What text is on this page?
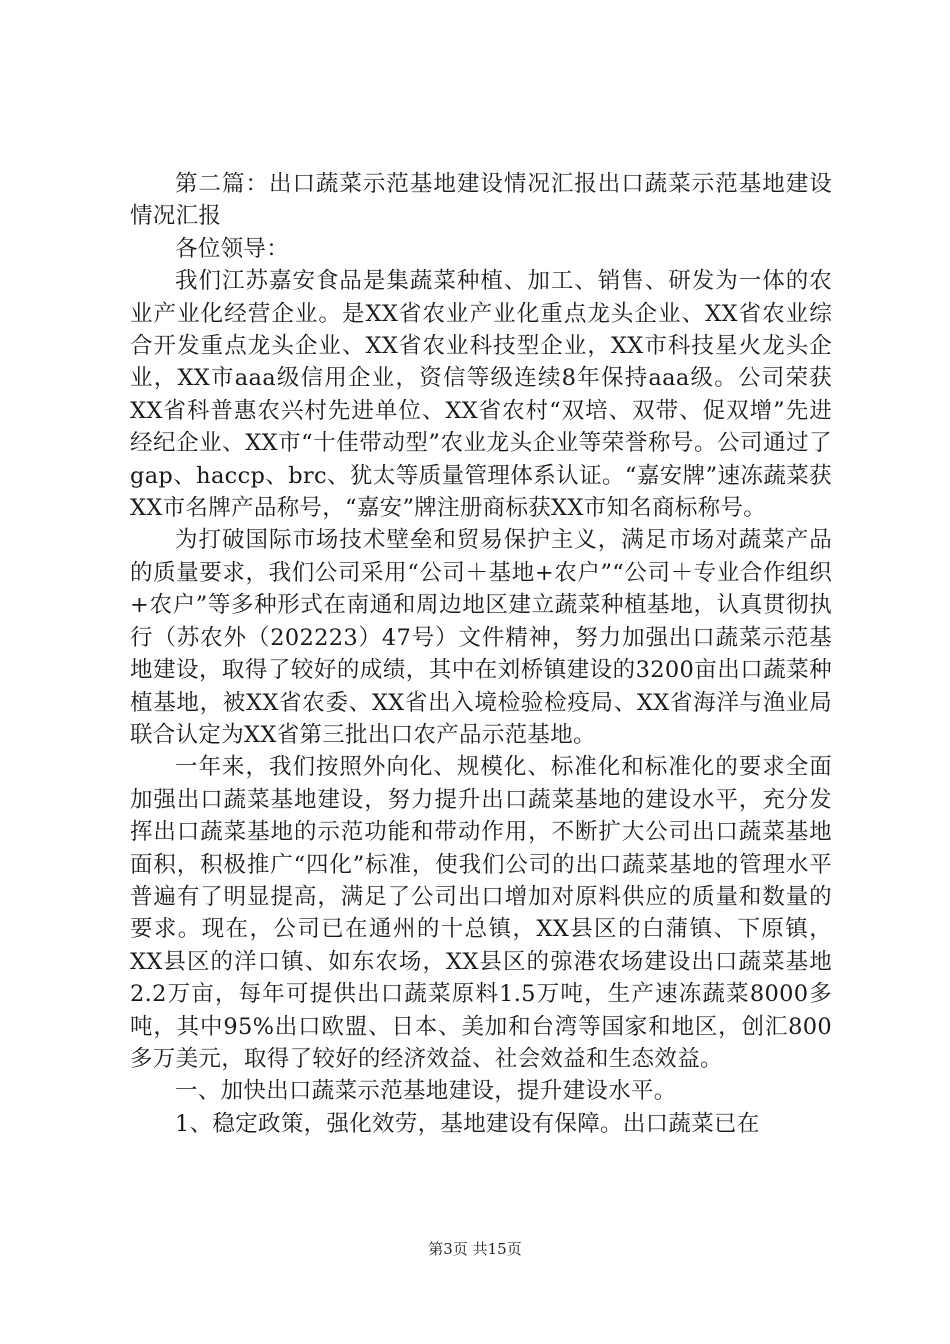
第二篇：出口蔬菜示范基地建设情况汇报出口蔬菜示范基地建设情况汇报

各位领导：

我们江苏嘉安食品是集蔬菜种植、加工、销售、研发为一体的农业产业化经营企业。是XX省农业产业化重点龙头企业、XX省农业综合开发重点龙头企业、XX省农业科技型企业，XX市科技星火龙头企业，XX市aaa级信用企业，资信等级连续8年保持aaa级。公司荣获XX省科普惠农兴村先进单位、XX省农村“双培、双带、促双增”先进经纪企业、XX市“十佳带动型”农业龙头企业等荣誉称号。公司通过了gap、haccp、brc、犹太等质量管理体系认证。“嘉安牌”速冻蔬菜获XX市名牌产品称号，“嘉安”牌注册商标获XX市知名商标称号。

为打破国际市场技术壁垒和贸易保护主义，满足市场对蔬菜产品的质量要求，我们公司采用“公司＋基地+农户”“公司＋专业合作组织+农户”等多种形式在南通和周边地区建立蔬菜种植基地，认真贯彻执行（苏农外（202223）47号）文件精神，努力加强出口蔬菜示范基地建设，取得了较好的成绩，其中在刘桥镇建设的3200亩出口蔬菜种植基地，被XX省农委、XX省出入境检验检疫局、XX省海洋与渔业局联合认定为XX省第三批出口农产品示范基地。

一年来，我们按照外向化、规模化、标准化和标准化的要求全面加强出口蔬菜基地建设，努力提升出口蔬菜基地的建设水平，充分发挥出口蔬菜基地的示范功能和带动作用，不断扩大公司出口蔬菜基地面积，积极推广“四化”标准，使我们公司的出口蔬菜基地的管理水平普遍有了明显提高，满足了公司出口增加对原料供应的质量和数量的要求。现在，公司已在通州的十总镇，XX县区的白蒲镇、下原镇，XX县区的洋口镇、如东农场，XX县区的弶港农场建设出口蔬菜基地2.2万亩，每年可提供出口蔬菜原料1.5万吨，生产速冻蔬菜8000多吨，其中95%出口欧盟、日本、美加和台湾等国家和地区，创汇800多万美元，取得了较好的经济效益、社会效益和生态效益。

一、加快出口蔬菜示范基地建设，提升建设水平。

1、稳定政策，强化效劳，基地建设有保障。出口蔬菜已在

第3页 共15页
